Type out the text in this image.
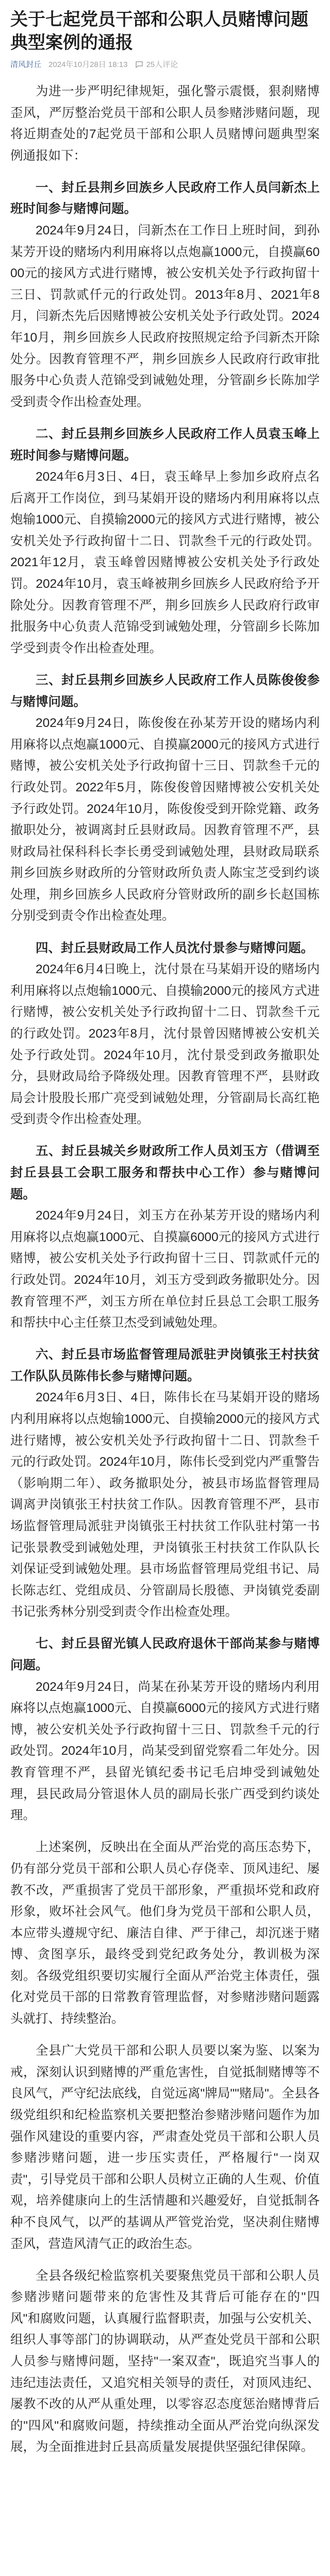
关于七起党员干部和公职人员赌博问题典型案例的通报
清风封丘 2024年10月28日 18:13 25人评论

为进一步严明纪律规矩，强化警示震慑，狠刹赌博歪风，严厉整治党员干部和公职人员参赌涉赌问题，现将近期查处的7起党员干部和公职人员赌博问题典型案例通报如下：

一、封丘县荆乡回族乡人民政府工作人员闫新杰上班时间参与赌博问题。

2024年9月24日，闫新杰在工作日上班时间，到孙某芳开设的赌场内利用麻将以点炮赢1000元，自摸赢6000元的接风方式进行赌博，被公安机关处予行政拘留十三日、罚款贰仟元的行政处罚。2013年8月、2021年8月，闫新杰先后因赌博被公安机关处予行政处罚。2024年10月，荆乡回族乡人民政府按照规定给予闫新杰开除处分。因教育管理不严，荆乡回族乡人民政府行政审批服务中心负责人范锦受到诫勉处理，分管副乡长陈加学受到责令作出检查处理。

二、封丘县荆乡回族乡人民政府工作人员袁玉峰上班时间参与赌博问题。

2024年6月3日、4日，袁玉峰早上参加乡政府点名后离开工作岗位，到马某娟开设的赌场内利用麻将以点炮输1000元、自摸输2000元的接风方式进行赌博，被公安机关处予行政拘留十二日、罚款叁千元的行政处罚。2021年12月，袁玉峰曾因赌博被公安机关处予行政处罚。2024年10月，袁玉峰被荆乡回族乡人民政府给予开除处分。因教育管理不严，荆乡回族乡人民政府行政审批服务中心负责人范锦受到诫勉处理，分管副乡长陈加学受到责令作出检查处理。

三、封丘县荆乡回族乡人民政府工作人员陈俊俊参与赌博问题。

2024年9月24日，陈俊俊在孙某芳开设的赌场内利用麻将以点炮赢1000元、自摸赢2000元的接风方式进行赌博，被公安机关处予行政拘留十三日、罚款叁千元的行政处罚。2022年5月，陈俊俊曾因赌博被公安机关处予行政处罚。2024年10月，陈俊俊受到开除党籍、政务撤职处分，被调离封丘县财政局。因教育管理不严，县财政局社保科科长李长勇受到诫勉处理，县财政局联系荆乡回族乡财政所的分管财政所负责人陈宝芝受到约谈处理，荆乡回族乡人民政府分管财政所的副乡长赵国栋分别受到责令作出检查处理。

四、封丘县财政局工作人员沈付景参与赌博问题。

2024年6月4日晚上，沈付景在马某娟开设的赌场内利用麻将以点炮输1000元、自摸输2000元的接风方式进行赌博，被公安机关处予行政拘留十二日、罚款叁千元的行政处罚。2023年8月，沈付景曾因赌博被公安机关处予行政处罚。2024年10月，沈付景受到政务撤职处分，县财政局给予降级处理。因教育管理不严，县财政局会计股股长邢广亮受到诫勉处理，分管副局长高红艳受到责令作出检查处理。

五、封丘县城关乡财政所工作人员刘玉方（借调至封丘县县工会职工服务和帮扶中心工作）参与赌博问题。

2024年9月24日，刘玉方在孙某芳开设的赌场内利用麻将以点炮赢1000元、自摸赢6000元的接风方式进行赌博，被公安机关处予行政拘留十三日、罚款贰仟元的行政处罚。2024年10月，刘玉方受到政务撤职处分。因教育管理不严，刘玉方所在单位封丘县总工会职工服务和帮扶中心主任蔡卫杰受到诫勉处理。

六、封丘县市场监督管理局派驻尹岗镇张王村扶贫工作队队员陈伟长参与赌博问题。

2024年6月3日、4日，陈伟长在马某娟开设的赌场内利用麻将以点炮输1000元、自摸输2000元的接风方式进行赌博，被公安机关处予行政拘留十二日、罚款叁千元的行政处罚。2024年10月，陈伟长受到党内严重警告（影响期二年）、政务撤职处分，被县市场监督管理局调离尹岗镇张王村扶贫工作队。因教育管理不严，县市场监督管理局派驻尹岗镇张王村扶贫工作队驻村第一书记张景教受到诫勉处理，尹岗镇张王村扶贫工作队队长刘保证受到诫勉处理。县市场监督管理局党组书记、局长陈志红、党组成员、分管副局长殷德、尹岗镇党委副书记张秀林分别受到责令作出检查处理。

七、封丘县留光镇人民政府退休干部尚某参与赌博问题。

2024年9月24日，尚某在孙某芳开设的赌场内利用麻将以点炮赢1000元、自摸赢6000元的接风方式进行赌博，被公安机关处予行政拘留十三日、罚款叁千元的行政处罚。2024年10月，尚某受到留党察看二年处分。因教育管理不严，县留光镇纪委书记毛启坤受到诫勉处理，县民政局分管退休人员的副局长张广西受到约谈处理。

上述案例，反映出在全面从严治党的高压态势下，仍有部分党员干部和公职人员心存侥幸、顶风违纪、屡教不改，严重损害了党员干部形象，严重损坏党和政府形象，败坏社会风气。他们身为党员干部和公职人员，本应带头遵规守纪、廉洁自律、严于律己，却沉迷于赌博、贪图享乐，最终受到党纪政务处分，教训极为深刻。各级党组织要切实履行全面从严治党主体责任，强化对党员干部的日常教育管理监督，对参赌涉赌问题露头就打、持续整治。

全县广大党员干部和公职人员要以案为鉴、以案为戒，深刻认识到赌博的严重危害性，自觉抵制赌博等不良风气，严守纪法底线，自觉远离"牌局""赌局"。全县各级党组织和纪检监察机关要把整治参赌涉赌问题作为加强作风建设的重要内容，严肃查处党员干部和公职人员参赌涉赌问题，进一步压实责任，严格履行"一岗双责"，引导党员干部和公职人员树立正确的人生观、价值观，培养健康向上的生活情趣和兴趣爱好，自觉抵制各种不良风气，以严的基调从严管党治党，坚决刹住赌博歪风，营造风清气正的政治生态。

全县各级纪检监察机关要聚焦党员干部和公职人员参赌涉赌问题带来的危害性及其背后可能存在的"四风"和腐败问题，认真履行监督职责，加强与公安机关、组织人事等部门的协调联动，从严查处党员干部和公职人员参与赌博问题，坚持"一案双查"，既追究当事人的违纪违法责任，又追究相关领导的责任，对顶风违纪、屡教不改的从严从重处理，以零容忍态度惩治赌博背后的"四风"和腐败问题，持续推动全面从严治党向纵深发展，为全面推进封丘县高质量发展提供坚强纪律保障。
